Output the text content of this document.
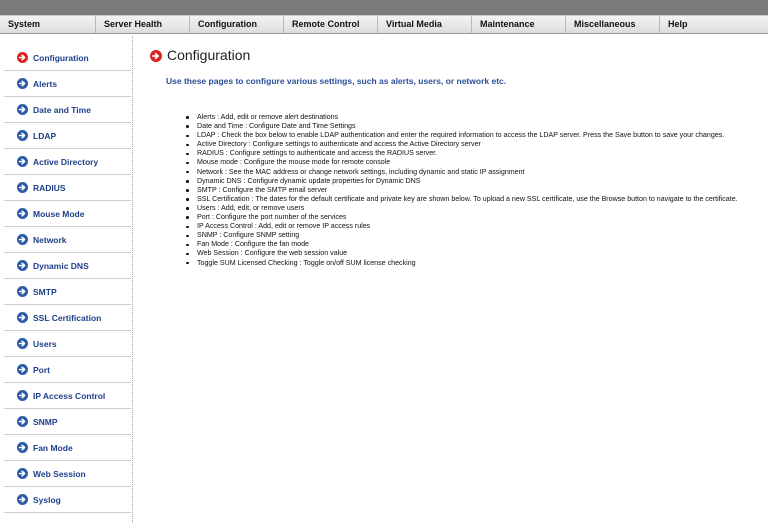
System	Server Health	Configuration	Remote Control	Virtual Media	Maintenance	Miscellaneous	Help
Configuration
Alerts
Date and Time
LDAP
Active Directory
RADIUS
Mouse Mode
Network
Dynamic DNS
SMTP
SSL Certification
Users
Port
IP Access Control
SNMP
Fan Mode
Web Session
Syslog
Configuration
Use these pages to configure various settings, such as alerts, users, or network etc.
Alerts : Add, edit or remove alert destinations
Date and Time : Configure Date and Time Settings
LDAP : Check the box below to enable LDAP authentication and enter the required information to access the LDAP server. Press the Save button to save your changes.
Active Directory : Configure settings to authenticate and access the Active Directory server
RADIUS : Configure settings to authenticate and access the RADIUS server.
Mouse mode : Configure the mouse mode for remote console
Network : See the MAC address or change network settings, including dynamic and static IP assignment
Dynamic DNS : Configure dynamic update properties for Dynamic DNS
SMTP : Configure the SMTP email server
SSL Certification : The dates for the default certificate and private key are shown below. To upload a new SSL certificate, use the Browse button to navigate to the certificate.
Users : Add, edit, or remove users
Port : Configure the port number of the services
IP Access Control : Add, edit or remove IP access rules
SNMP : Configure SNMP setting
Fan Mode : Configure the fan mode
Web Session : Configure the web session value
Toggle SUM Licensed Checking : Toggle on/off SUM license checking
